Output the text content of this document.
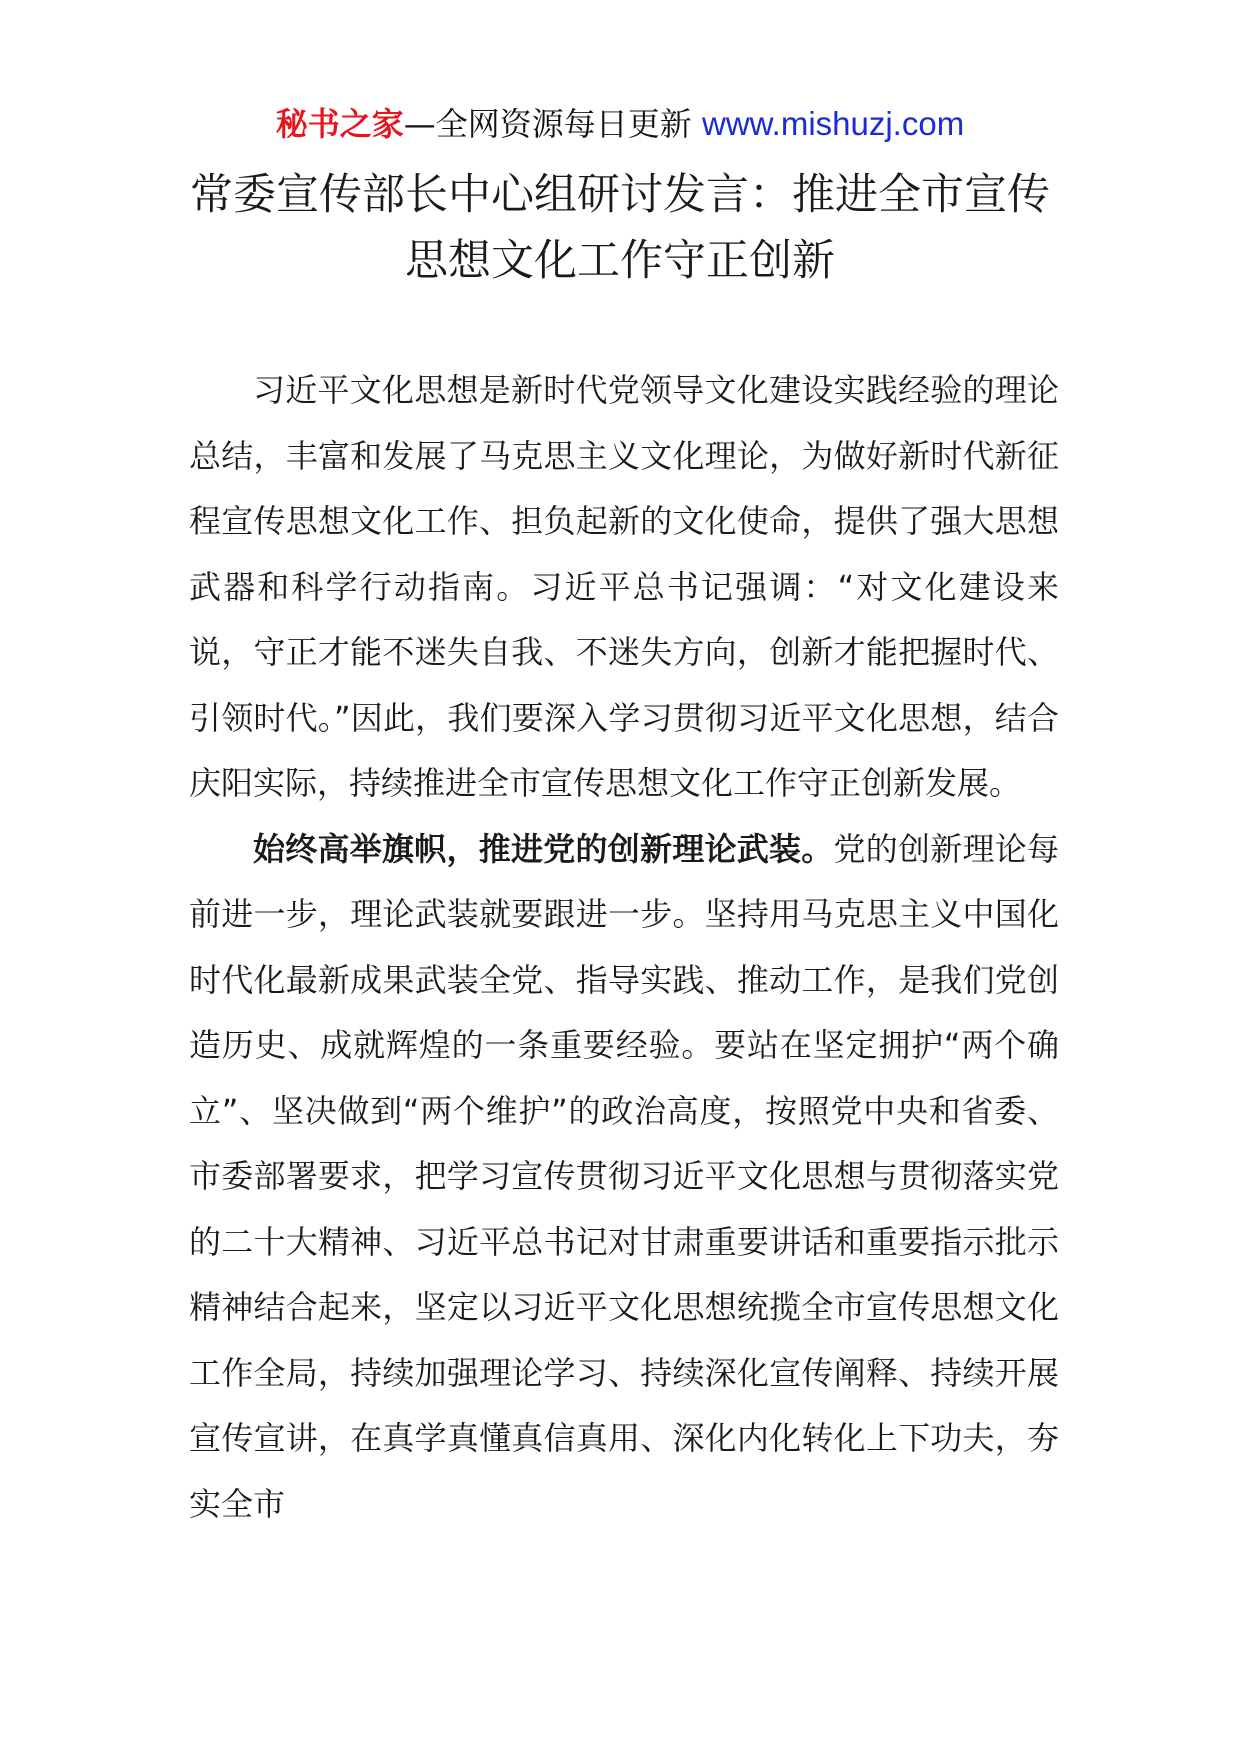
秘书之家—全网资源每日更新 www.mishuzj.com
常委宣传部长中心组研讨发言：推进全市宣传
思想文化工作守正创新

习近平文化思想是新时代党领导文化建设实践经验的理论总结，丰富和发展了马克思主义文化理论，为做好新时代新征程宣传思想文化工作、担负起新的文化使命，提供了强大思想武器和科学行动指南。习近平总书记强调：“对文化建设来说，守正才能不迷失自我、不迷失方向，创新才能把握时代、引领时代。”因此，我们要深入学习贯彻习近平文化思想，结合庆阳实际，持续推进全市宣传思想文化工作守正创新发展。

始终高举旗帜，推进党的创新理论武装。党的创新理论每前进一步，理论武装就要跟进一步。坚持用马克思主义中国化时代化最新成果武装全党、指导实践、推动工作，是我们党创造历史、成就辉煌的一条重要经验。要站在坚定拥护“两个确立”、坚决做到“两个维护”的政治高度，按照党中央和省委、市委部署要求，把学习宣传贯彻习近平文化思想与贯彻落实党的二十大精神、习近平总书记对甘肃重要讲话和重要指示批示精神结合起来，坚定以习近平文化思想统揽全市宣传思想文化工作全局，持续加强理论学习、持续深化宣传阐释、持续开展宣传宣讲，在真学真懂真信真用、深化内化转化上下功夫，夯实全市
